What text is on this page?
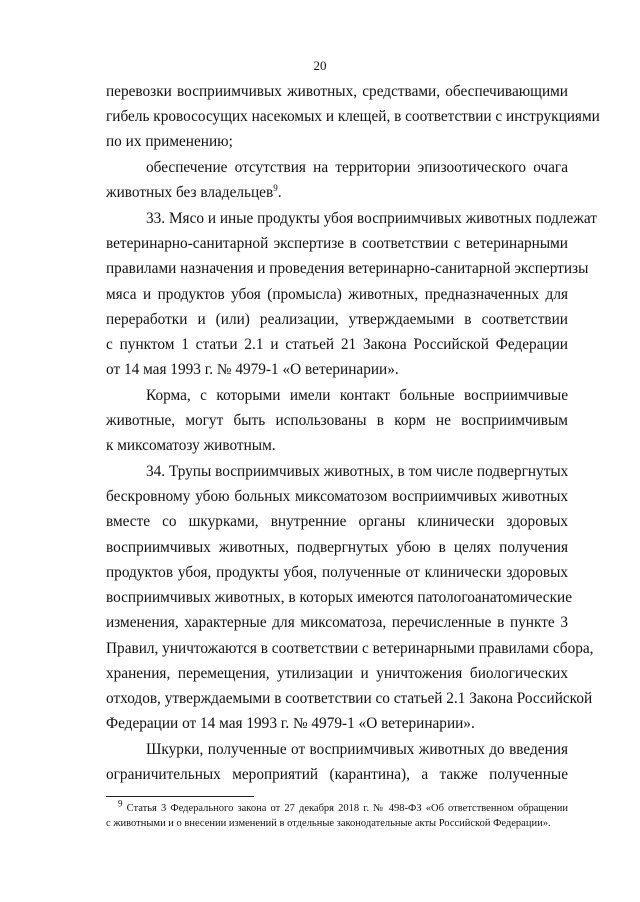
20
перевозки восприимчивых животных, средствами, обеспечивающими
гибель кровососущих насекомых и клещей, в соответствии с инструкциями
по их применению;
обеспечение отсутствия на территории эпизоотического очага
животных без владельцев$^9$.
33. Мясо и иные продукты убоя восприимчивых животных подлежат
ветеринарно-санитарной экспертизе в соответствии с ветеринарными
правилами назначения и проведения ветеринарно-санитарной экспертизы
мяса и продуктов убоя (промысла) животных, предназначенных для
переработки и (или) реализации, утверждаемыми в соответствии
с пунктом 1 статьи 2.1 и статьей 21 Закона Российской Федерации
от 14 мая 1993 г. № 4979-1 «О ветеринарии».
Корма, с которыми имели контакт больные восприимчивые
животные, могут быть использованы в корм не восприимчивым
к миксоматозу животным.
34. Трупы восприимчивых животных, в том числе подвергнутых
бескровному убою больных миксоматозом восприимчивых животных
вместе со шкурками, внутренние органы клинически здоровых
восприимчивых животных, подвергнутых убою в целях получения
продуктов убоя, продукты убоя, полученные от клинически здоровых
восприимчивых животных, в которых имеются патологоанатомические
изменения, характерные для миксоматоза, перечисленные в пункте 3
Правил, уничтожаются в соответствии с ветеринарными правилами сбора,
хранения, перемещения, утилизации и уничтожения биологических
отходов, утверждаемыми в соответствии со статьей 2.1 Закона Российской
Федерации от 14 мая 1993 г. № 4979-1 «О ветеринарии».
Шкурки, полученные от восприимчивых животных до введения
ограничительных мероприятий (карантина), а также полученные
$^9$ Статья 3 Федерального закона от 27 декабря 2018 г. № 498-ФЗ «Об ответственном обращении
с животными и о внесении изменений в отдельные законодательные акты Российской Федерации».
